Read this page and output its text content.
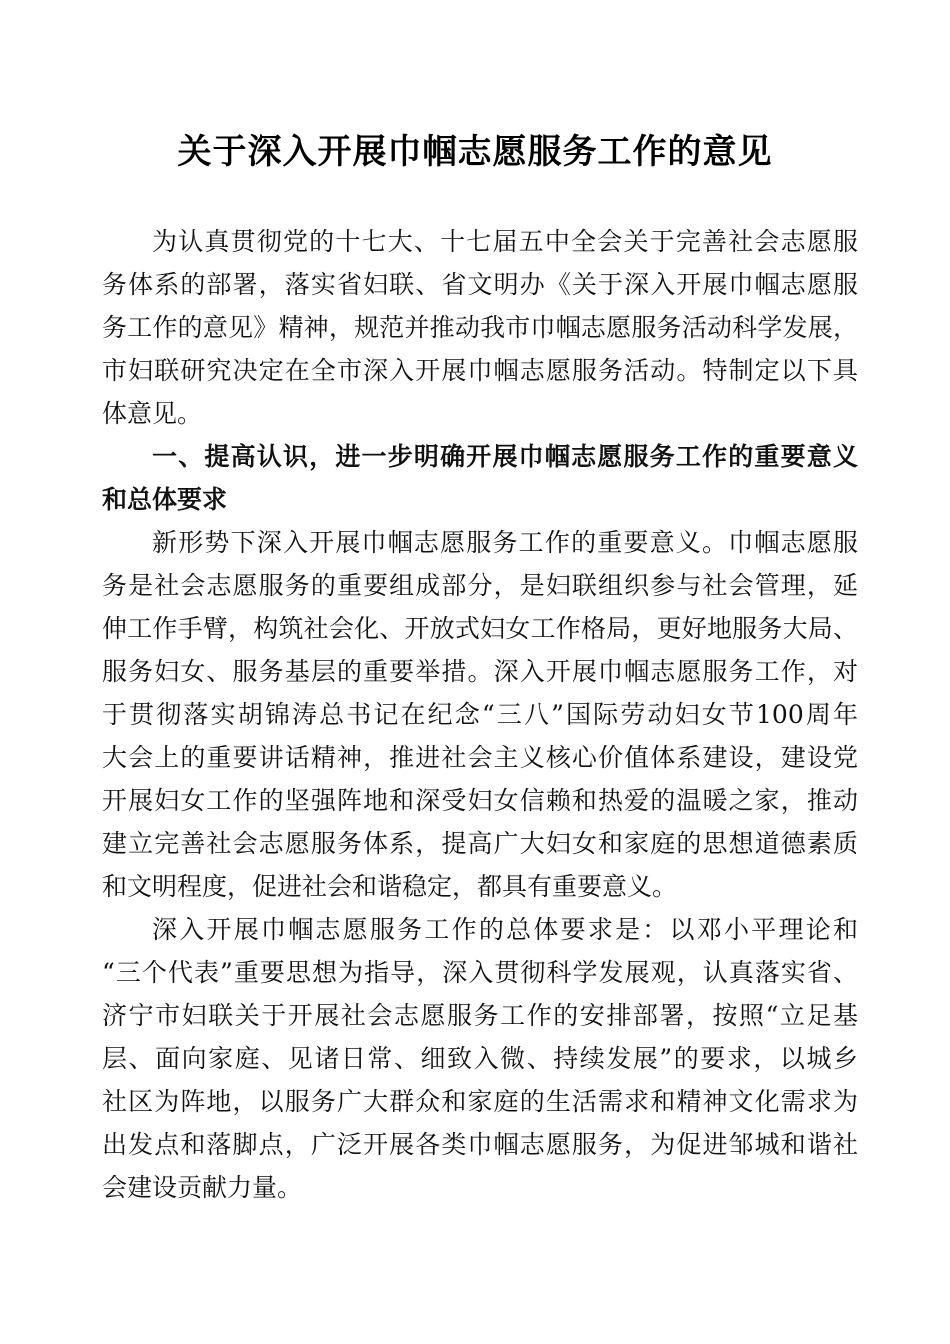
关于深入开展巾帼志愿服务工作的意见
为认真贯彻党的十七大、十七届五中全会关于完善社会志愿服
务体系的部署，落实省妇联、省文明办《关于深入开展巾帼志愿服
务工作的意见》精神，规范并推动我市巾帼志愿服务活动科学发展，
市妇联研究决定在全市深入开展巾帼志愿服务活动。特制定以下具
体意见。
一、提高认识，进一步明确开展巾帼志愿服务工作的重要意义
和总体要求
新形势下深入开展巾帼志愿服务工作的重要意义。巾帼志愿服
务是社会志愿服务的重要组成部分，是妇联组织参与社会管理，延
伸工作手臂，构筑社会化、开放式妇女工作格局，更好地服务大局、
服务妇女、服务基层的重要举措。深入开展巾帼志愿服务工作，对
于贯彻落实胡锦涛总书记在纪念“三八”国际劳动妇女节100周年
大会上的重要讲话精神，推进社会主义核心价值体系建设，建设党
开展妇女工作的坚强阵地和深受妇女信赖和热爱的温暖之家，推动
建立完善社会志愿服务体系，提高广大妇女和家庭的思想道德素质
和文明程度，促进社会和谐稳定，都具有重要意义。
深入开展巾帼志愿服务工作的总体要求是：以邓小平理论和
“三个代表”重要思想为指导，深入贯彻科学发展观，认真落实省、
济宁市妇联关于开展社会志愿服务工作的安排部署，按照“立足基
层、面向家庭、见诸日常、细致入微、持续发展”的要求，以城乡
社区为阵地，以服务广大群众和家庭的生活需求和精神文化需求为
出发点和落脚点，广泛开展各类巾帼志愿服务，为促进邹城和谐社
会建设贡献力量。
